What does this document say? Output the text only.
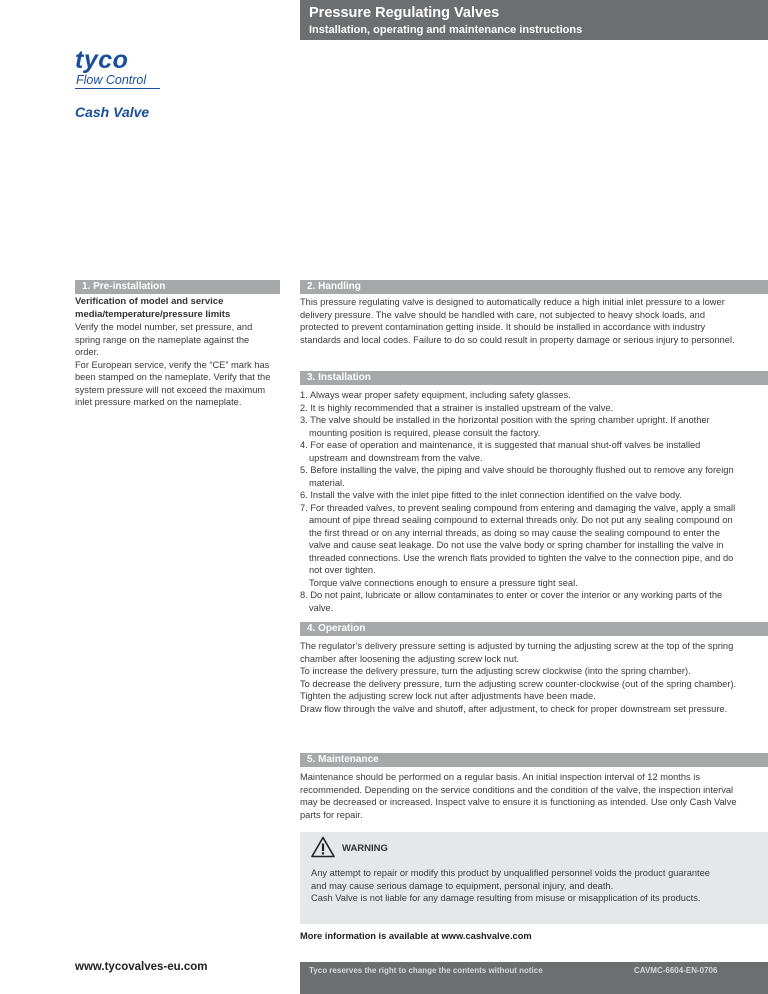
Pressure Regulating Valves
Installation, operating and maintenance instructions
tyco
Flow Control
Cash Valve
1. Pre-installation
Verification of model and service media/temperature/pressure limits

Verify the model number, set pressure, and spring range on the nameplate against the order.

For European service, verify the “CE” mark has been stamped on the nameplate. Verify that the system pressure will not exceed the maximum inlet pressure marked on the nameplate.

2. Handling

This pressure regulating valve is designed to automatically reduce a high initial inlet pressure to a lower delivery pressure. The valve should be handled with care, not subjected to heavy shock loads, and protected to prevent contamination getting inside. It should be installed in accordance with industry standards and local codes. Failure to do so could result in property damage or serious injury to personnel.

3. Installation
1. Always wear proper safety equipment, including safety glasses.
2. It is highly recommended that a strainer is installed upstream of the valve.
3. The valve should be installed in the horizontal position with the spring chamber upright. If another mounting position is required, please consult the factory.
4. For ease of operation and maintenance, it is suggested that manual shut-off valves be installed upstream and downstream from the valve.
5. Before installing the valve, the piping and valve should be thoroughly flushed out to remove any foreign material.
6. Install the valve with the inlet pipe fitted to the inlet connection identified on the valve body.
7. For threaded valves, to prevent sealing compound from entering and damaging the valve, apply a small amount of pipe thread sealing compound to external threads only. Do not put any sealing compound on the first thread or on any internal threads, as doing so may cause the sealing compound to enter the valve and cause seat leakage. Do not use the valve body or spring chamber for installing the valve in threaded connections. Use the wrench flats provided to tighten the valve to the connection pipe, and do not over tighten.
Torque valve connections enough to ensure a pressure tight seal.
8. Do not paint, lubricate or allow contaminates to enter or cover the interior or any working parts of the valve.
4. Operation

The regulator’s delivery pressure setting is adjusted by turning the adjusting screw at the top of the spring chamber after loosening the adjusting screw lock nut.

To increase the delivery pressure, turn the adjusting screw clockwise (into the spring chamber).

To decrease the delivery pressure, turn the adjusting screw counter-clockwise (out of the spring chamber).

Tighten the adjusting screw lock nut after adjustments have been made.

Draw flow through the valve and shutoff, after adjustment, to check for proper downstream set pressure.

5. Maintenance

Maintenance should be performed on a regular basis. An initial inspection interval of 12 months is recommended. Depending on the service conditions and the condition of the valve, the inspection interval may be decreased or increased. Inspect valve to ensure it is functioning as intended. Use only Cash Valve parts for repair.

WARNING

Any attempt to repair or modify this product by unqualified personnel voids the product guarantee and may cause serious damage to equipment, personal injury, and death.

Cash Valve is not liable for any damage resulting from misuse or misapplication of its products.

More information is available at www.cashvalve.com
www.tycovalves-eu.com	Tyco reserves the right to change the contents without notice	CAVMC-6604-EN-0706
